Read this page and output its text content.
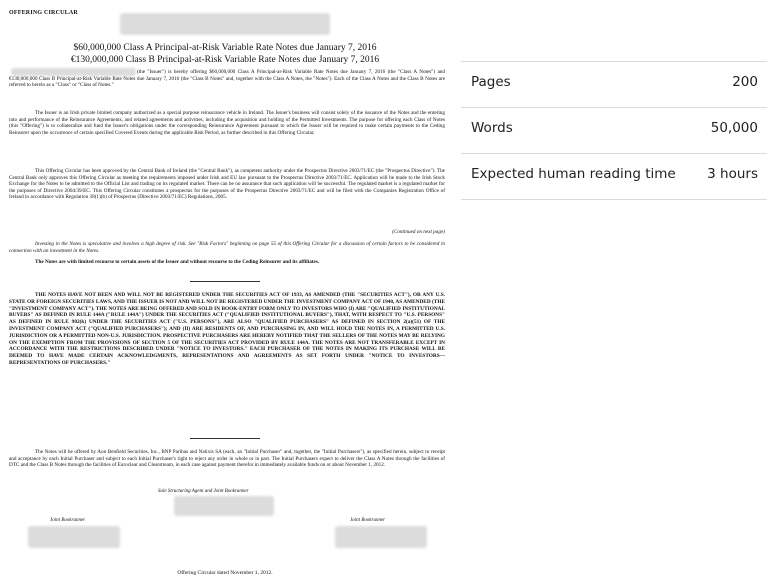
OFFERING CIRCULAR
$60,000,000 Class A Principal-at-Risk Variable Rate Notes due January 7, 2016
€130,000,000 Class B Principal-at-Risk Variable Rate Notes due January 7, 2016
(the "Issuer") is hereby offering $60,000,000 Class A Principal-at-Risk Variable Rate Notes due January 7, 2016 (the "Class A Notes") and €130,000,000 Class B Principal-at-Risk Variable Rate Notes due January 7, 2016 (the "Class B Notes" and, together with the Class A Notes, the "Notes"). Each of the Class A Notes and the Class B Notes are referred to herein as a "Class" or "Class of Notes."
The Issuer is an Irish private limited company authorized as a special purpose reinsurance vehicle in Ireland. The Issuer's business will consist solely of the issuance of the Notes and the entering into and performance of the Reinsurance Agreements, and related agreements and activities, including the acquisition and holding of the Permitted Investments. The purpose for offering each Class of Notes (this "Offering") is to collateralize and fund the Issuer's obligations under the corresponding Reinsurance Agreement pursuant to which the Issuer will be required to make certain payments to the Ceding Reinsurer upon the occurrence of certain specified Covered Events during the applicable Risk Period, as further described in this Offering Circular.
This Offering Circular has been approved by the Central Bank of Ireland (the "Central Bank"), as competent authority under the Prospectus Directive 2003/71/EC (the "Prospectus Directive"). The Central Bank only approves this Offering Circular as meeting the requirements imposed under Irish and EU law pursuant to the Prospectus Directive 2003/71/EC. Application will be made to the Irish Stock Exchange for the Notes to be admitted to the Official List and trading on its regulated market. There can be no assurance that such application will be successful. The regulated market is a regulated market for the purposes of Directive 2004/39/EC. This Offering Circular constitutes a prospectus for the purposes of the Prospectus Directive 2003/71/EC and will be filed with the Companies Registration Office of Ireland in accordance with Regulation 38(1)(b) of Prospectus (Directive 2003/71/EC) Regulations, 2005.
(Continued on next page)
Investing in the Notes is speculative and involves a high degree of risk. See "Risk Factors" beginning on page 55 of this Offering Circular for a discussion of certain factors to be considered in connection with an investment in the Notes.
The Notes are with limited recourse to certain assets of the Issuer and without recourse to the Ceding Reinsurer and its affiliates.
THE NOTES HAVE NOT BEEN AND WILL NOT BE REGISTERED UNDER THE SECURITIES ACT OF 1933, AS AMENDED (THE "SECURITIES ACT"), OR ANY U.S. STATE OR FOREIGN SECURITIES LAWS, AND THE ISSUER IS NOT AND WILL NOT BE REGISTERED UNDER THE INVESTMENT COMPANY ACT OF 1940, AS AMENDED (THE "INVESTMENT COMPANY ACT"). THE NOTES ARE BEING OFFERED AND SOLD IN BOOK-ENTRY FORM ONLY TO INVESTORS WHO (I) ARE "QUALIFIED INSTITUTIONAL BUYERS" AS DEFINED IN RULE 144A ("RULE 144A") UNDER THE SECURITIES ACT ("QUALIFIED INSTITUTIONAL BUYERS"), THAT, WITH RESPECT TO "U.S. PERSONS" AS DEFINED IN RULE 902(k) UNDER THE SECURITIES ACT ("U.S. PERSONS"), ARE ALSO "QUALIFIED PURCHASERS" AS DEFINED IN SECTION 2(a)(51) OF THE INVESTMENT COMPANY ACT ("QUALIFIED PURCHASERS"); AND (II) ARE RESIDENTS OF, AND PURCHASING IN, AND WILL HOLD THE NOTES IN, A PERMITTED U.S. JURISDICTION OR A PERMITTED NON-U.S. JURISDICTION. PROSPECTIVE PURCHASERS ARE HEREBY NOTIFIED THAT THE SELLERS OF THE NOTES MAY BE RELYING ON THE EXEMPTION FROM THE PROVISIONS OF SECTION 5 OF THE SECURITIES ACT PROVIDED BY RULE 144A. THE NOTES ARE NOT TRANSFERABLE EXCEPT IN ACCORDANCE WITH THE RESTRICTIONS DESCRIBED UNDER "NOTICE TO INVESTORS." EACH PURCHASER OF THE NOTES IN MAKING ITS PURCHASE WILL BE DEEMED TO HAVE MADE CERTAIN ACKNOWLEDGMENTS, REPRESENTATIONS AND AGREEMENTS AS SET FORTH UNDER "NOTICE TO INVESTORS—REPRESENTATIONS OF PURCHASERS."
The Notes will be offered by Aon Benfield Securities, Inc., BNP Paribas and Natixis SA (each, an "Initial Purchaser" and, together, the "Initial Purchasers"), as specified herein, subject to receipt and acceptance by each Initial Purchaser and subject to each Initial Purchaser's right to reject any order in whole or in part. The Initial Purchasers expect to deliver the Class A Notes through the facilities of DTC and the Class B Notes through the facilities of Euroclear and Clearstream, in each case against payment therefor in immediately available funds on or about November 1, 2012.
Sole Structuring Agent and Joint Bookrunner
Joint Bookrunner	Joint Bookrunner
Offering Circular dated November 1, 2012.
Pages	200
Words	50,000
Expected human reading time 3 hours
